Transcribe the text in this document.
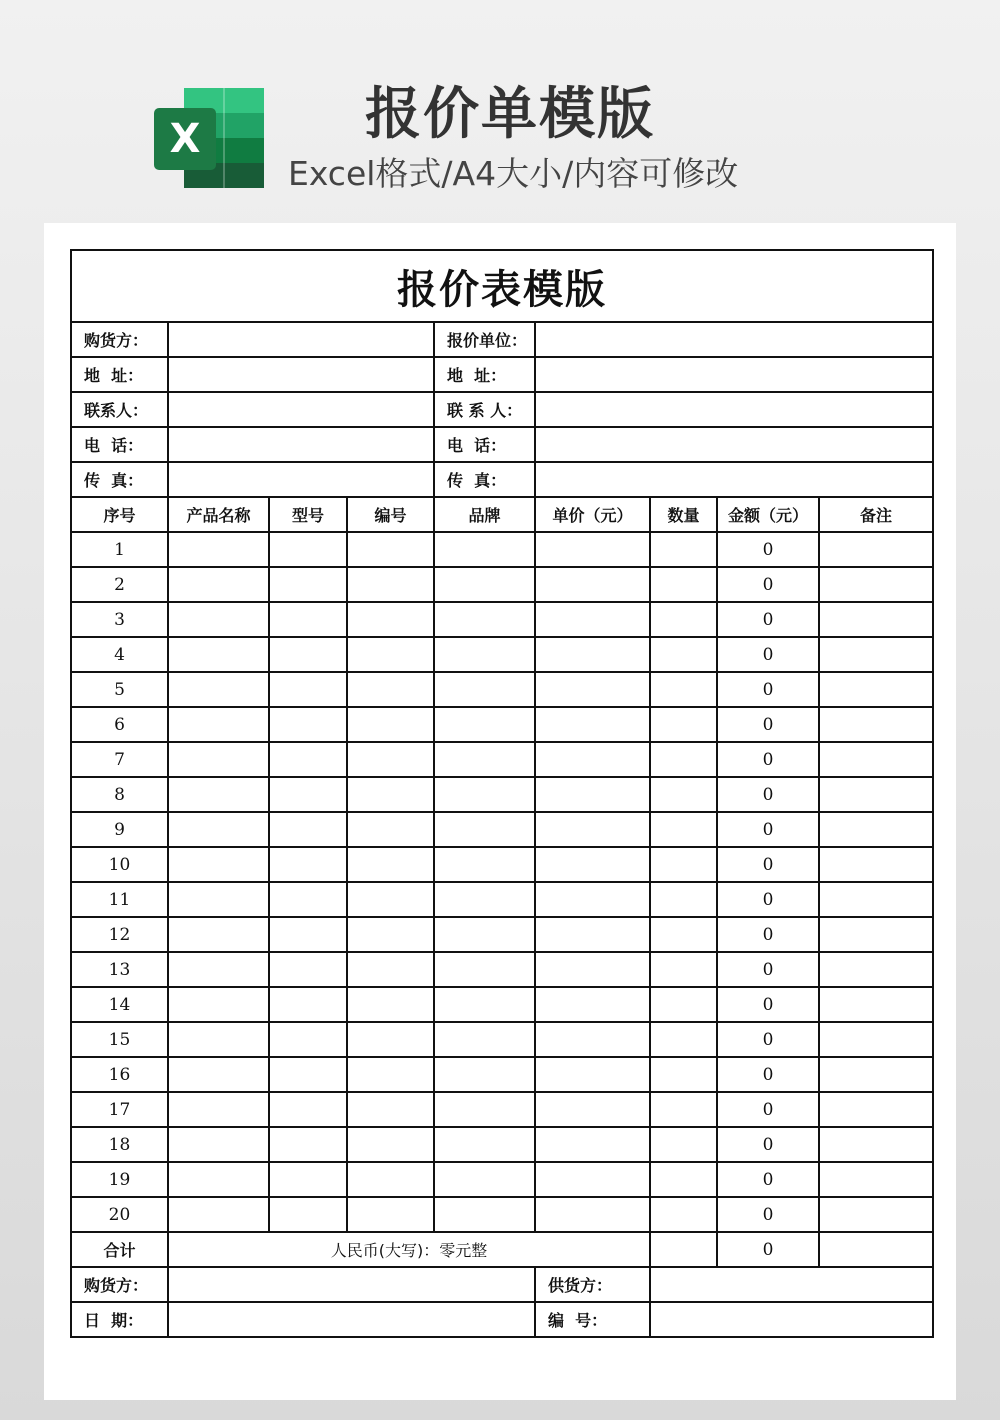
X	报价单模版
Excel格式/A4大小/内容可修改
报价表模版								
购货方：				报价单位：				
地  址：				地  址：				
联系人：				联 系 人：				
电  话：				电  话：				
传  真：				传  真：				
序号	产品名称	型号	编号	品牌	单价（元）	数量	金额（元）	备注
1							0	
2							0	
3							0	
4							0	
5							0	
6							0	
7							0	
8							0	
9							0	
10							0	
11							0	
12							0	
13							0	
14							0	
15							0	
16							0	
17							0	
18							0	
19							0	
20							0	
合计	人民币(大写)：零元整						0	
购货方：					供货方：			
日  期：					编  号：			
